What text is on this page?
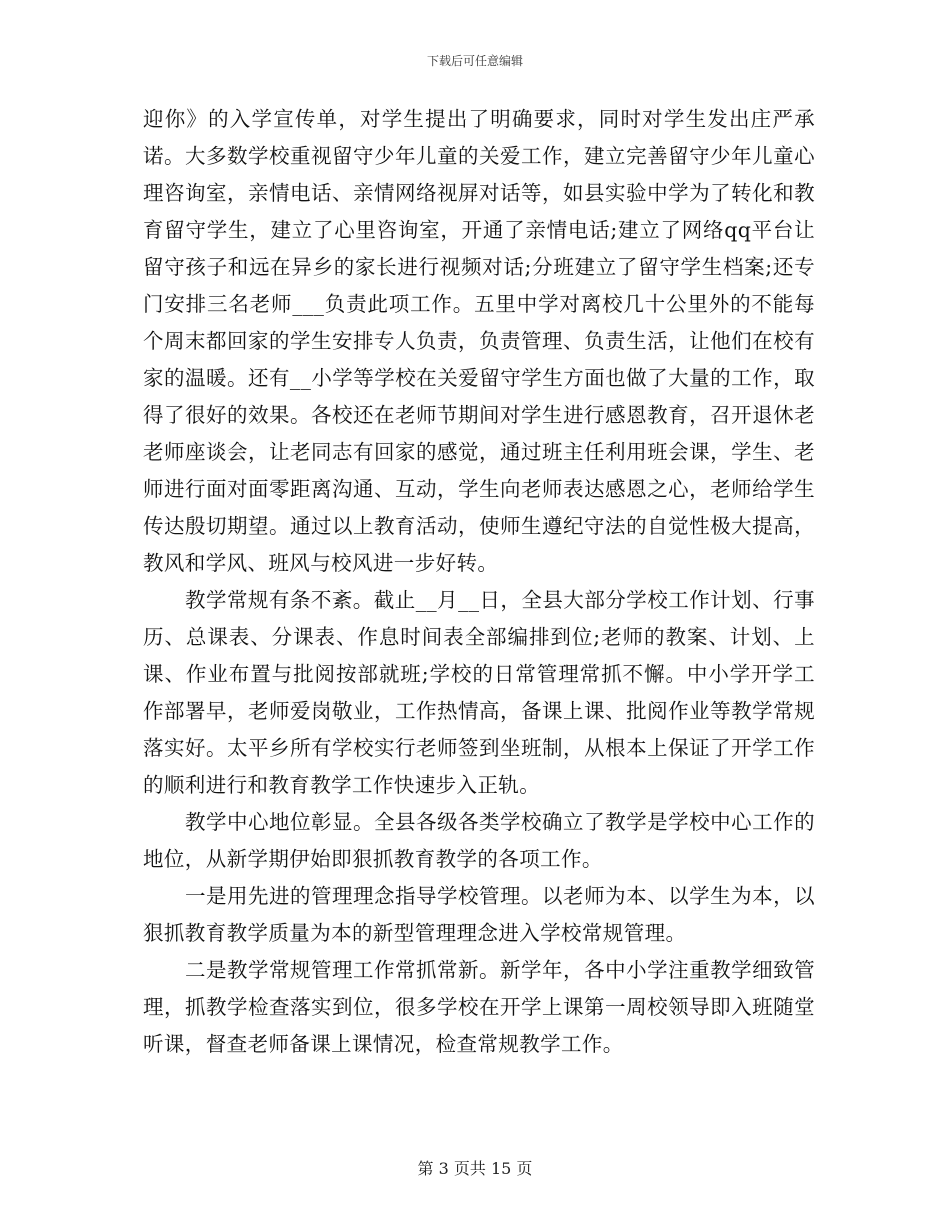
下载后可任意编辑

迎你》的入学宣传单，对学生提出了明确要求，同时对学生发出庄严承诺。大多数学校重视留守少年儿童的关爱工作，建立完善留守少年儿童心理咨询室，亲情电话、亲情网络视屏对话等，如县实验中学为了转化和教育留守学生，建立了心里咨询室，开通了亲情电话;建立了网络qq平台让留守孩子和远在异乡的家长进行视频对话;分班建立了留守学生档案;还专门安排三名老师___负责此项工作。五里中学对离校几十公里外的不能每个周末都回家的学生安排专人负责，负责管理、负责生活，让他们在校有家的温暖。还有__小学等学校在关爱留守学生方面也做了大量的工作，取得了很好的效果。各校还在老师节期间对学生进行感恩教育，召开退休老老师座谈会，让老同志有回家的感觉，通过班主任利用班会课，学生、老师进行面对面零距离沟通、互动，学生向老师表达感恩之心，老师给学生传达殷切期望。通过以上教育活动，使师生遵纪守法的自觉性极大提高，教风和学风、班风与校风进一步好转。

教学常规有条不紊。截止__月__日，全县大部分学校工作计划、行事历、总课表、分课表、作息时间表全部编排到位;老师的教案、计划、上课、作业布置与批阅按部就班;学校的日常管理常抓不懈。中小学开学工作部署早，老师爱岗敬业，工作热情高，备课上课、批阅作业等教学常规落实好。太平乡所有学校实行老师签到坐班制，从根本上保证了开学工作的顺利进行和教育教学工作快速步入正轨。

教学中心地位彰显。全县各级各类学校确立了教学是学校中心工作的地位，从新学期伊始即狠抓教育教学的各项工作。

一是用先进的管理理念指导学校管理。以老师为本、以学生为本，以狠抓教育教学质量为本的新型管理理念进入学校常规管理。

二是教学常规管理工作常抓常新。新学年，各中小学注重教学细致管理，抓教学检查落实到位，很多学校在开学上课第一周校领导即入班随堂听课，督查老师备课上课情况，检查常规教学工作。

第 3 页共 15 页
